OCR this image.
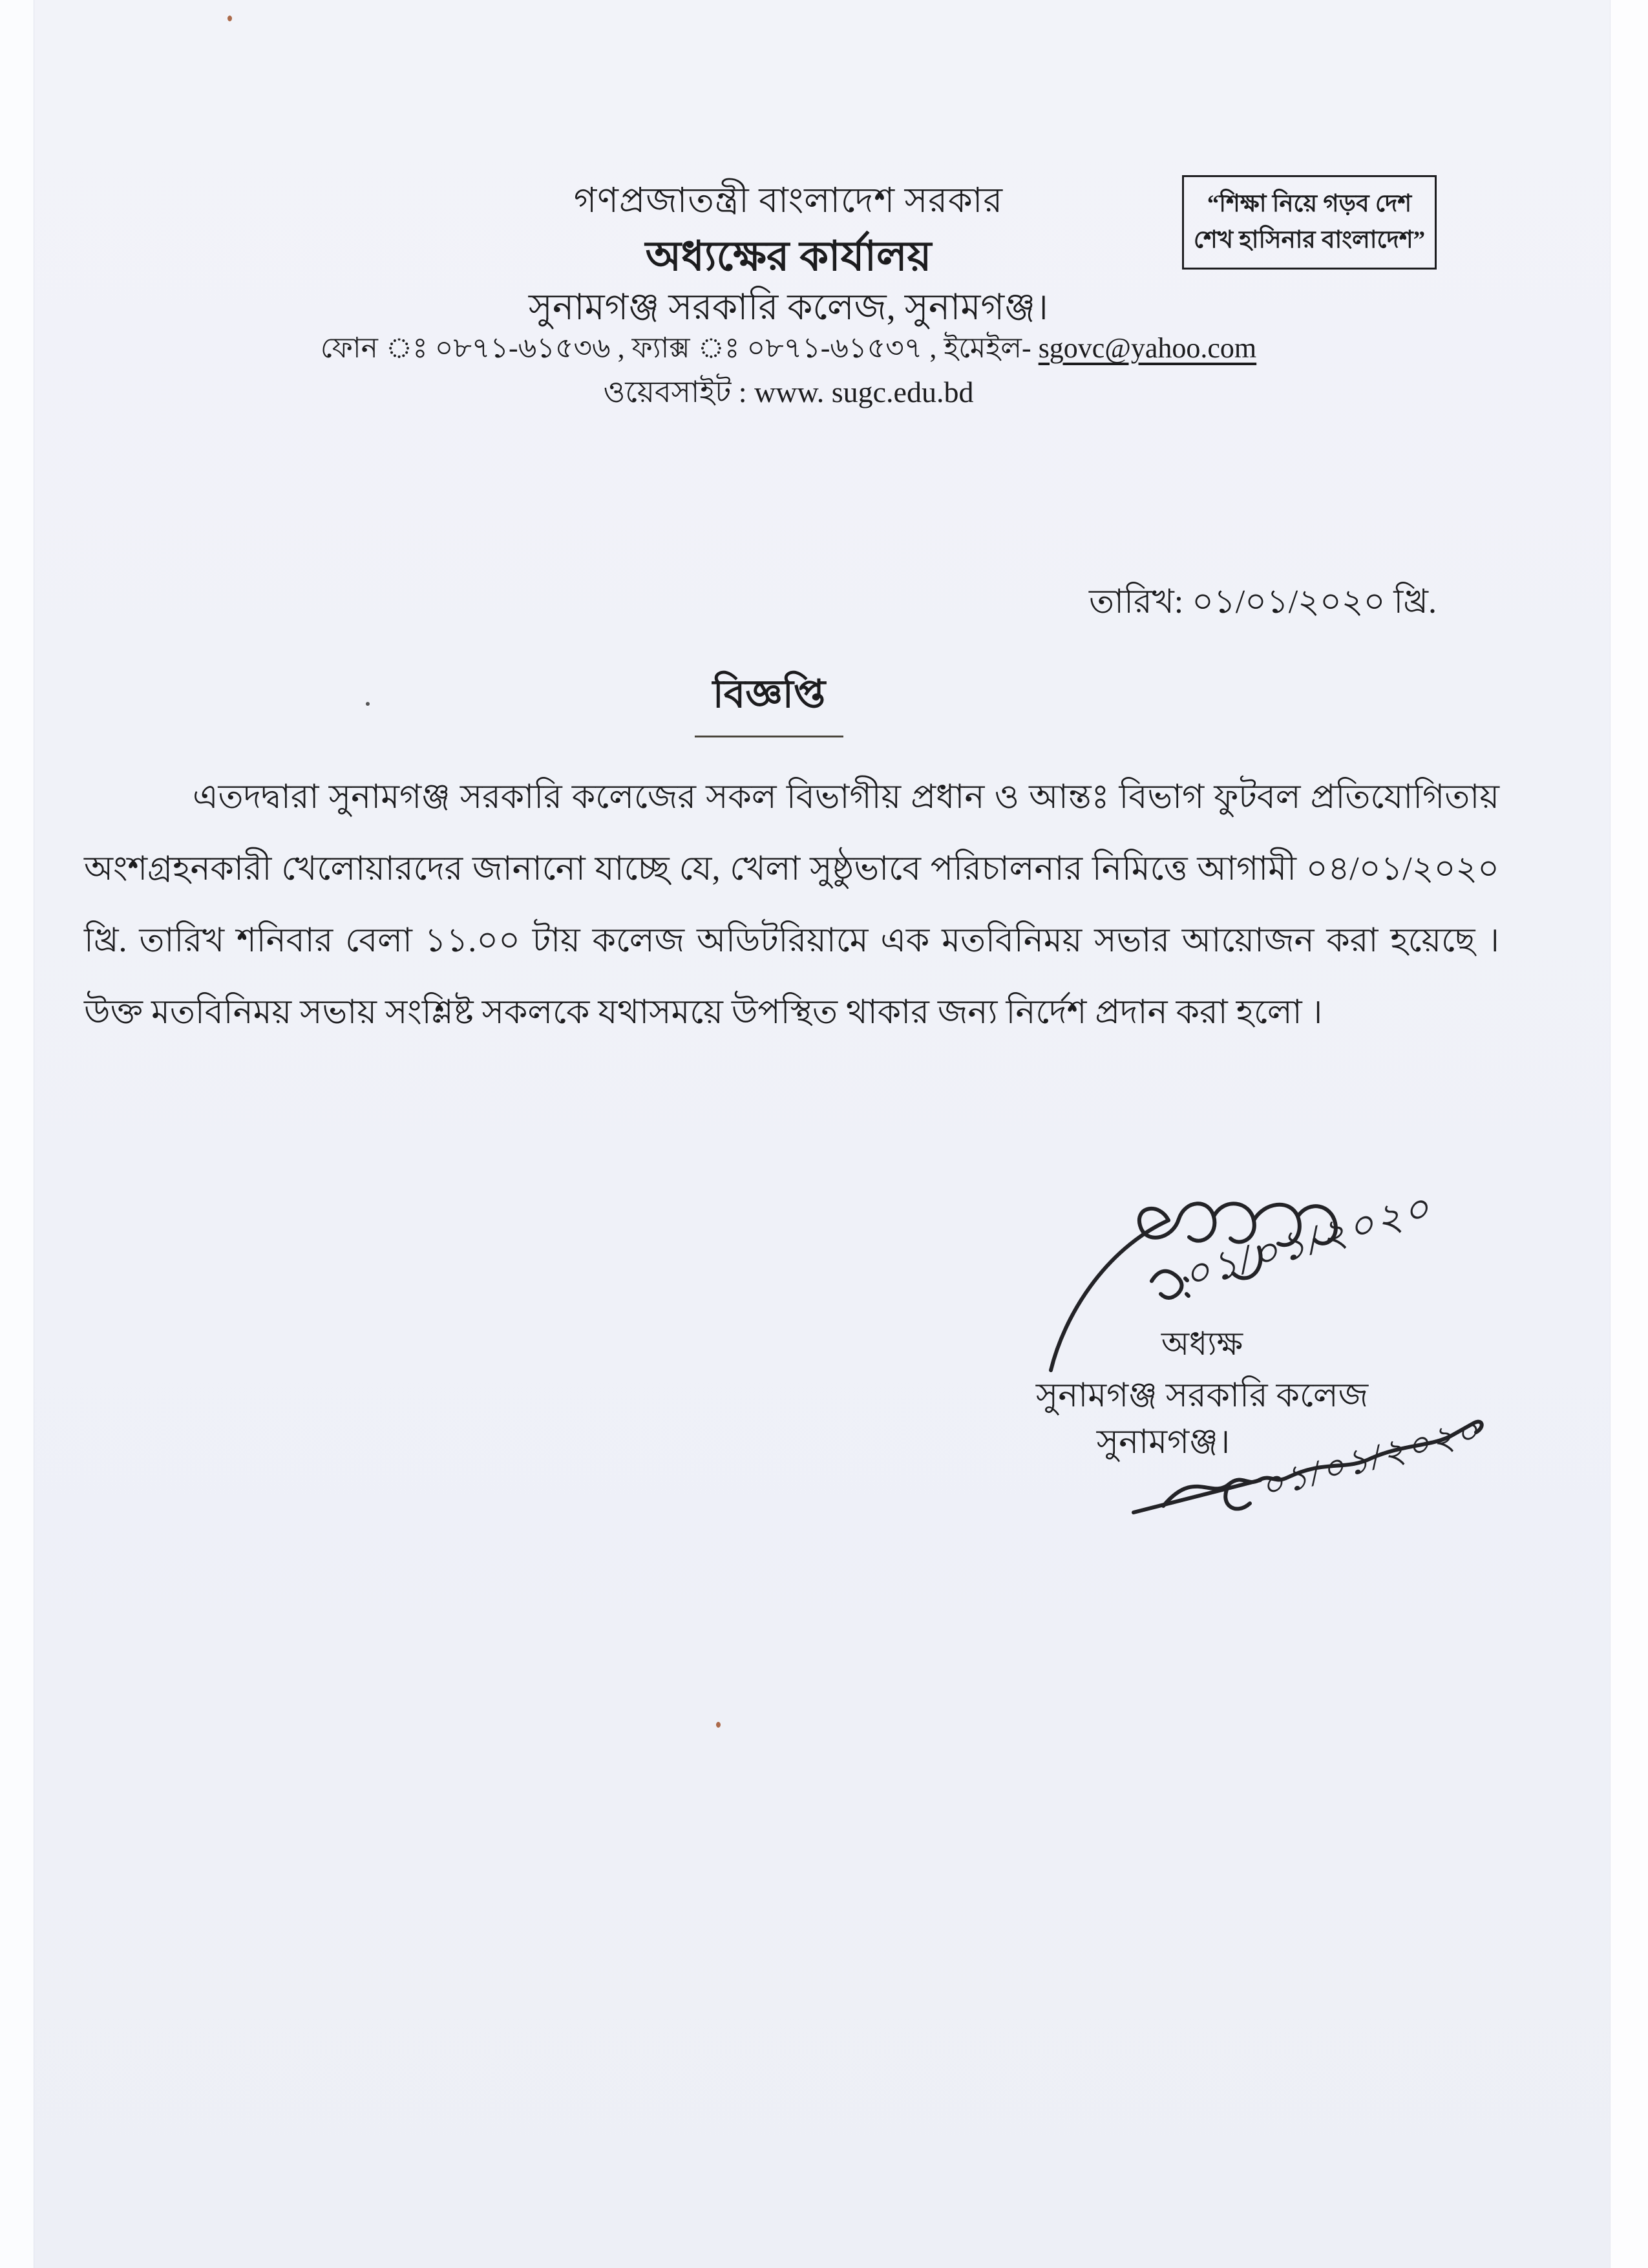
গণপ্রজাতন্ত্রী বাংলাদেশ সরকার
অধ্যক্ষের কার্যালয়
সুনামগঞ্জ সরকারি কলেজ, সুনামগঞ্জ।
ফোন ঃ ০৮৭১-৬১৫৩৬ , ফ্যাক্স ঃ ০৮৭১-৬১৫৩৭ , ইমেইল- sgovc@yahoo.com
ওয়েবসাইট : www. sugc.edu.bd
“শিক্ষা নিয়ে গড়ব দেশ
শেখ হাসিনার বাংলাদেশ”
তারিখ: ০১/০১/২০২০ খ্রি.
বিজ্ঞপ্তি
এতদদ্বারা সুনামগঞ্জ সরকারি কলেজের সকল বিভাগীয় প্রধান ও আন্তঃ বিভাগ ফুটবল প্রতিযোগিতায় অংশগ্রহনকারী খেলোয়ারদের জানানো যাচ্ছে যে, খেলা সুষ্ঠুভাবে পরিচালনার নিমিত্তে আগামী ০৪/০১/২০২০ খ্রি. তারিখ শনিবার বেলা ১১.০০ টায় কলেজ অডিটরিয়ামে এক মতবিনিময় সভার আয়োজন করা হয়েছে । উক্ত মতবিনিময় সভায় সংশ্লিষ্ট সকলকে যথাসময়ে উপস্থিত থাকার জন্য নির্দেশ প্রদান করা হলো ।
০১/০১/২০২০
অধ্যক্ষ
সুনামগঞ্জ সরকারি কলেজ
সুনামগঞ্জ। ০১/০১/২০২০
